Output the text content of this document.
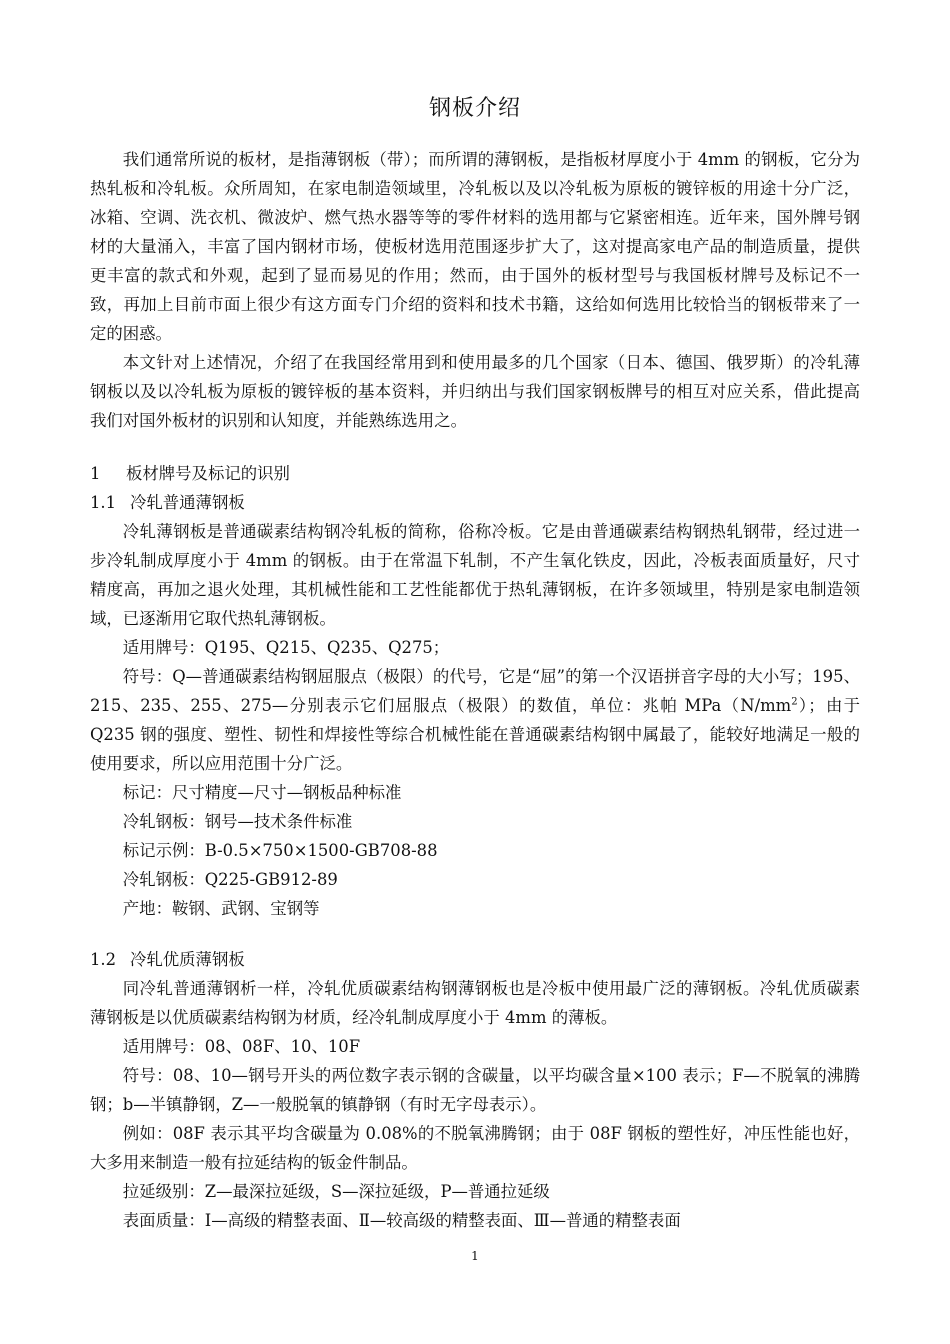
钢板介绍

我们通常所说的板材，是指薄钢板（带）；而所谓的薄钢板，是指板材厚度小于 4mm 的钢板，它分为热轧板和冷轧板。众所周知，在家电制造领域里，冷轧板以及以冷轧板为原板的镀锌板的用途十分广泛，冰箱、空调、洗衣机、微波炉、燃气热水器等等的零件材料的选用都与它紧密相连。近年来，国外牌号钢材的大量涌入，丰富了国内钢材市场，使板材选用范围逐步扩大了，这对提高家电产品的制造质量，提供更丰富的款式和外观，起到了显而易见的作用；然而，由于国外的板材型号与我国板材牌号及标记不一致，再加上目前市面上很少有这方面专门介绍的资料和技术书籍，这给如何选用比较恰当的钢板带来了一定的困惑。

本文针对上述情况，介绍了在我国经常用到和使用最多的几个国家（日本、德国、俄罗斯）的冷轧薄钢板以及以冷轧板为原板的镀锌板的基本资料，并归纳出与我们国家钢板牌号的相互对应关系，借此提高我们对国外板材的识别和认知度，并能熟练选用之。

1 板材牌号及标记的识别

1.1 冷轧普通薄钢板

冷轧薄钢板是普通碳素结构钢冷轧板的简称，俗称冷板。它是由普通碳素结构钢热轧钢带，经过进一步冷轧制成厚度小于 4mm 的钢板。由于在常温下轧制，不产生氧化铁皮，因此，冷板表面质量好，尺寸精度高，再加之退火处理，其机械性能和工艺性能都优于热轧薄钢板，在许多领域里，特别是家电制造领域，已逐渐用它取代热轧薄钢板。

适用牌号：Q195、Q215、Q235、Q275；

符号：Q—普通碳素结构钢屈服点（极限）的代号，它是“屈”的第一个汉语拼音字母的大小写；195、215、235、255、275—分别表示它们屈服点（极限）的数值，单位：兆帕 $MPa(N/mm^2)$；由于 Q235 钢的强度、塑性、韧性和焊接性等综合机械性能在普通碳素结构钢中属最了，能较好地满足一般的使用要求，所以应用范围十分广泛。

标记：尺寸精度—尺寸—钢板品种标准

冷轧钢板：钢号—技术条件标准

标记示例：B-0.5×750×1500-GB708-88

冷轧钢板：Q225-GB912-89

产地：鞍钢、武钢、宝钢等

1.2 冷轧优质薄钢板

同冷轧普通薄钢析一样，冷轧优质碳素结构钢薄钢板也是冷板中使用最广泛的薄钢板。冷轧优质碳素薄钢板是以优质碳素结构钢为材质，经冷轧制成厚度小于 4mm 的薄板。

适用牌号：08、08F、10、10F

符号：08、10—钢号开头的两位数字表示钢的含碳量，以平均碳含量×100 表示；F—不脱氧的沸腾钢；b—半镇静钢，Z—一般脱氧的镇静钢（有时无字母表示）。

例如：08F 表示其平均含碳量为 0.08%的不脱氧沸腾钢；由于 08F 钢板的塑性好，冲压性能也好，大多用来制造一般有拉延结构的钣金件制品。

拉延级别：Z—最深拉延级，S—深拉延级，P—普通拉延级

表面质量：Ⅰ—高级的精整表面、Ⅱ—较高级的精整表面、Ⅲ—普通的精整表面

1
